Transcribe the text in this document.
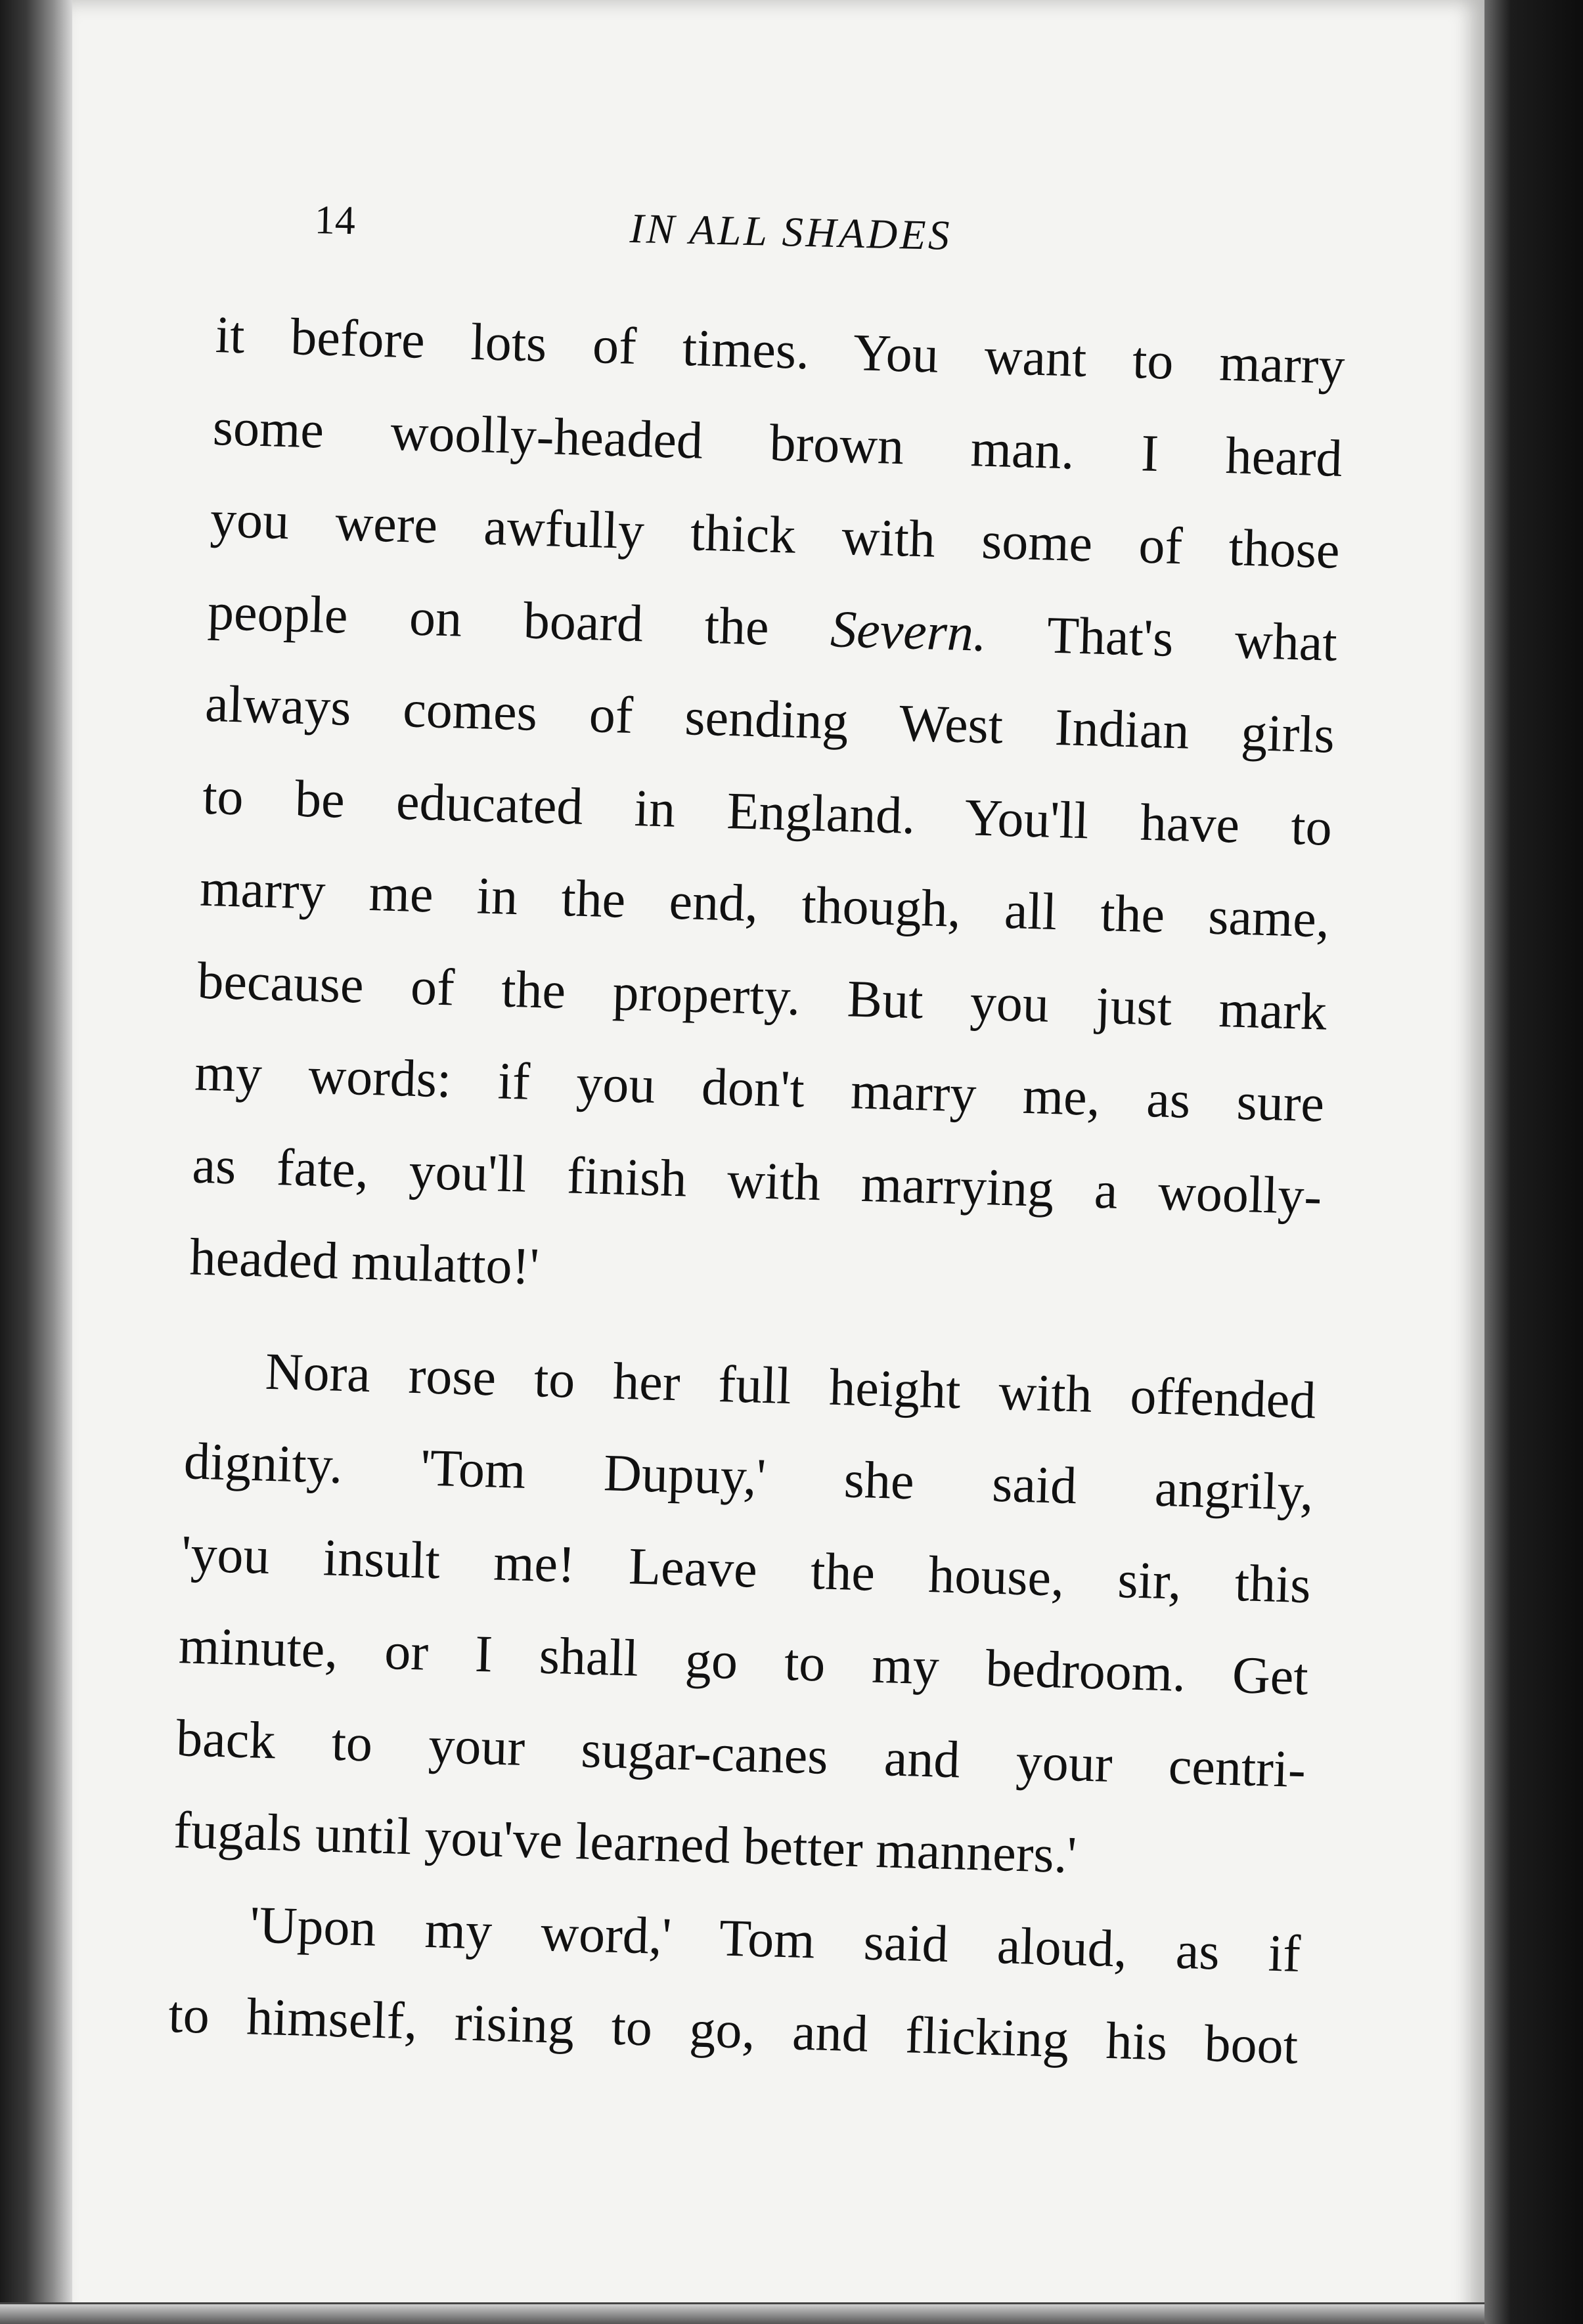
14	IN ALL SHADES
it before lots of times. You want to marry
some woolly-headed brown man. I heard
you were awfully thick with some of those
people on board the Severn. That's what
always comes of sending West Indian girls
to be educated in England. You'll have to
marry me in the end, though, all the same,
because of the property. But you just mark
my words: if you don't marry me, as sure
as fate, you'll finish with marrying a woolly-
headed mulatto!'
Nora rose to her full height with offended
dignity. 'Tom Dupuy,' she said angrily,
'you insult me! Leave the house, sir, this
minute, or I shall go to my bedroom. Get
back to your sugar-canes and your centri-
fugals until you've learned better manners.'
'Upon my word,' Tom said aloud, as if
to himself, rising to go, and flicking his boot
